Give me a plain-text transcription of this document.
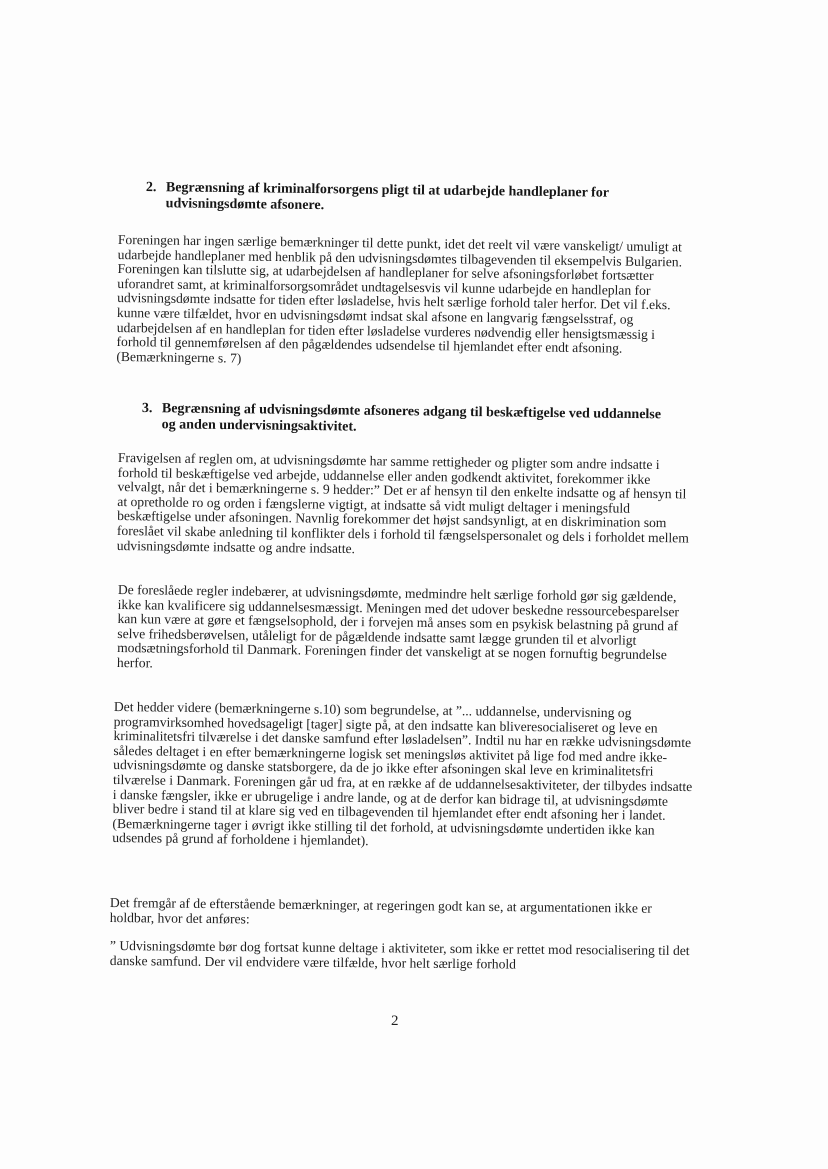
2. Begrænsning af kriminalforsorgens pligt til at udarbejde handleplaner for udvisningsdømte afsonere.
Foreningen har ingen særlige bemærkninger til dette punkt, idet det reelt vil være vanskeligt/ umuligt at udarbejde handleplaner med henblik på den udvisningsdømtes tilbagevenden til eksempelvis Bulgarien. Foreningen kan tilslutte sig, at udarbejdelsen af handleplaner for selve afsoningsforløbet fortsætter uforandret samt, at kriminalforsorgsområdet undtagelsesvis vil kunne udarbejde en handleplan for udvisningsdømte indsatte for tiden efter løsladelse, hvis helt særlige forhold taler herfor. Det vil f.eks. kunne være tilfældet, hvor en udvisningsdømt indsat skal afsone en langvarig fængselsstraf, og udarbejdelsen af en handleplan for tiden efter løsladelse vurderes nødvendig eller hensigtsmæssig i forhold til gennemførelsen af den pågældendes udsendelse til hjemlandet efter endt afsoning. (Bemærkningerne s. 7)
3. Begrænsning af udvisningsdømte afsoneres adgang til beskæftigelse ved uddannelse og anden undervisningsaktivitet.
Fravigelsen af reglen om, at udvisningsdømte har samme rettigheder og pligter som andre indsatte i forhold til beskæftigelse ved arbejde, uddannelse eller anden godkendt aktivitet, forekommer ikke velvalgt, når det i bemærkningerne s. 9 hedder:” Det er af hensyn til den enkelte indsatte og af hensyn til at opretholde ro og orden i fængslerne vigtigt, at indsatte så vidt muligt deltager i meningsfuld beskæftigelse under afsoningen. Navnlig forekommer det højst sandsynligt, at en diskrimination som foreslået vil skabe anledning til konflikter dels i forhold til fængselspersonalet og dels i forholdet mellem udvisningsdømte indsatte og andre indsatte.
De foreslåede regler indebærer, at udvisningsdømte, medmindre helt særlige forhold gør sig gældende, ikke kan kvalificere sig uddannelsesmæssigt. Meningen med det udover beskedne ressourcebesparelser kan kun være at gøre et fængselsophold, der i forvejen må anses som en psykisk belastning på grund af selve frihedsberøvelsen, utåleligt for de pågældende indsatte samt lægge grunden til et alvorligt modsætningsforhold til Danmark. Foreningen finder det vanskeligt at se nogen fornuftig begrundelse herfor.
Det hedder videre (bemærkningerne s.10) som begrundelse, at ”... uddannelse, undervisning og programvirksomhed hovedsageligt [tager] sigte på, at den indsatte kan bliveresocialiseret og leve en kriminalitetsfri tilværelse i det danske samfund efter løsladelsen”. Indtil nu har en række udvisningsdømte således deltaget i en efter bemærkningerne logisk set meningsløs aktivitet på lige fod med andre ikke-udvisningsdømte og danske statsborgere, da de jo ikke efter afsoningen skal leve en kriminalitetsfri tilværelse i Danmark. Foreningen går ud fra, at en række af de uddannelsesaktiviteter, der tilbydes indsatte i danske fængsler, ikke er ubrugelige i andre lande, og at de derfor kan bidrage til, at udvisningsdømte bliver bedre i stand til at klare sig ved en tilbagevenden til hjemlandet efter endt afsoning her i landet. (Bemærkningerne tager i øvrigt ikke stilling til det forhold, at udvisningsdømte undertiden ikke kan udsendes på grund af forholdene i hjemlandet).
Det fremgår af de efterstående bemærkninger, at regeringen godt kan se, at argumentationen ikke er holdbar, hvor det anføres:
” Udvisningsdømte bør dog fortsat kunne deltage i aktiviteter, som ikke er rettet mod resocialisering til det danske samfund. Der vil endvidere være tilfælde, hvor helt særlige forhold
2
